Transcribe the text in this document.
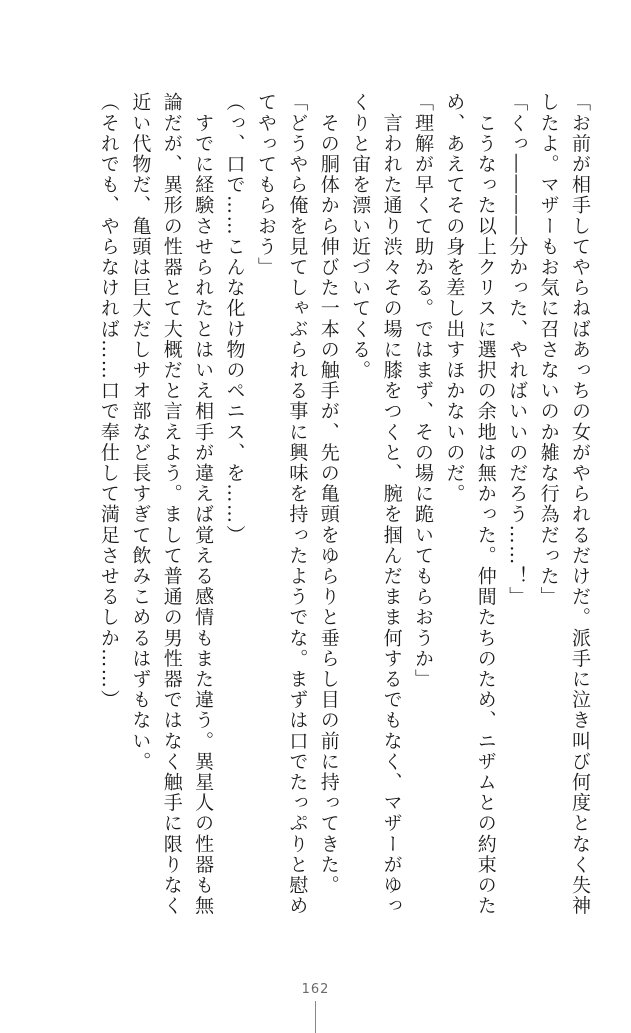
「お前が相手してやらねばあっちの女がやられるだけだ。派手に泣き叫び何度となく失神
したよ。マザーもお気に召さないのか雑な行為だった」
「くっ――――分かった、やればいいのだろう……！」
　こうなった以上クリスに選択の余地は無かった。仲間たちのため、ニザムとの約束のた
め、あえてその身を差し出すほかないのだ。
「理解が早くて助かる。ではまず、その場に跪いてもらおうか」
　言われた通り渋々その場に膝をつくと、腕を掴んだまま何するでもなく、マザーがゆっ
くりと宙を漂い近づいてくる。
　その胴体から伸びた一本の触手が、先の亀頭をゆらりと垂らし目の前に持ってきた。
「どうやら俺を見てしゃぶられる事に興味を持ったようでな。まずは口でたっぷりと慰め
てやってもらおう」
（っ、口で……こんな化け物のペニス、を……）
　すでに経験させられたとはいえ相手が違えば覚える感情もまた違う。異星人の性器も無
論だが、異形の性器とて大概だと言えよう。まして普通の男性器ではなく触手に限りなく
近い代物だ、亀頭は巨大だしサオ部など長すぎて飲みこめるはずもない。
（それでも、やらなければ……口で奉仕して満足させるしか……）
162
